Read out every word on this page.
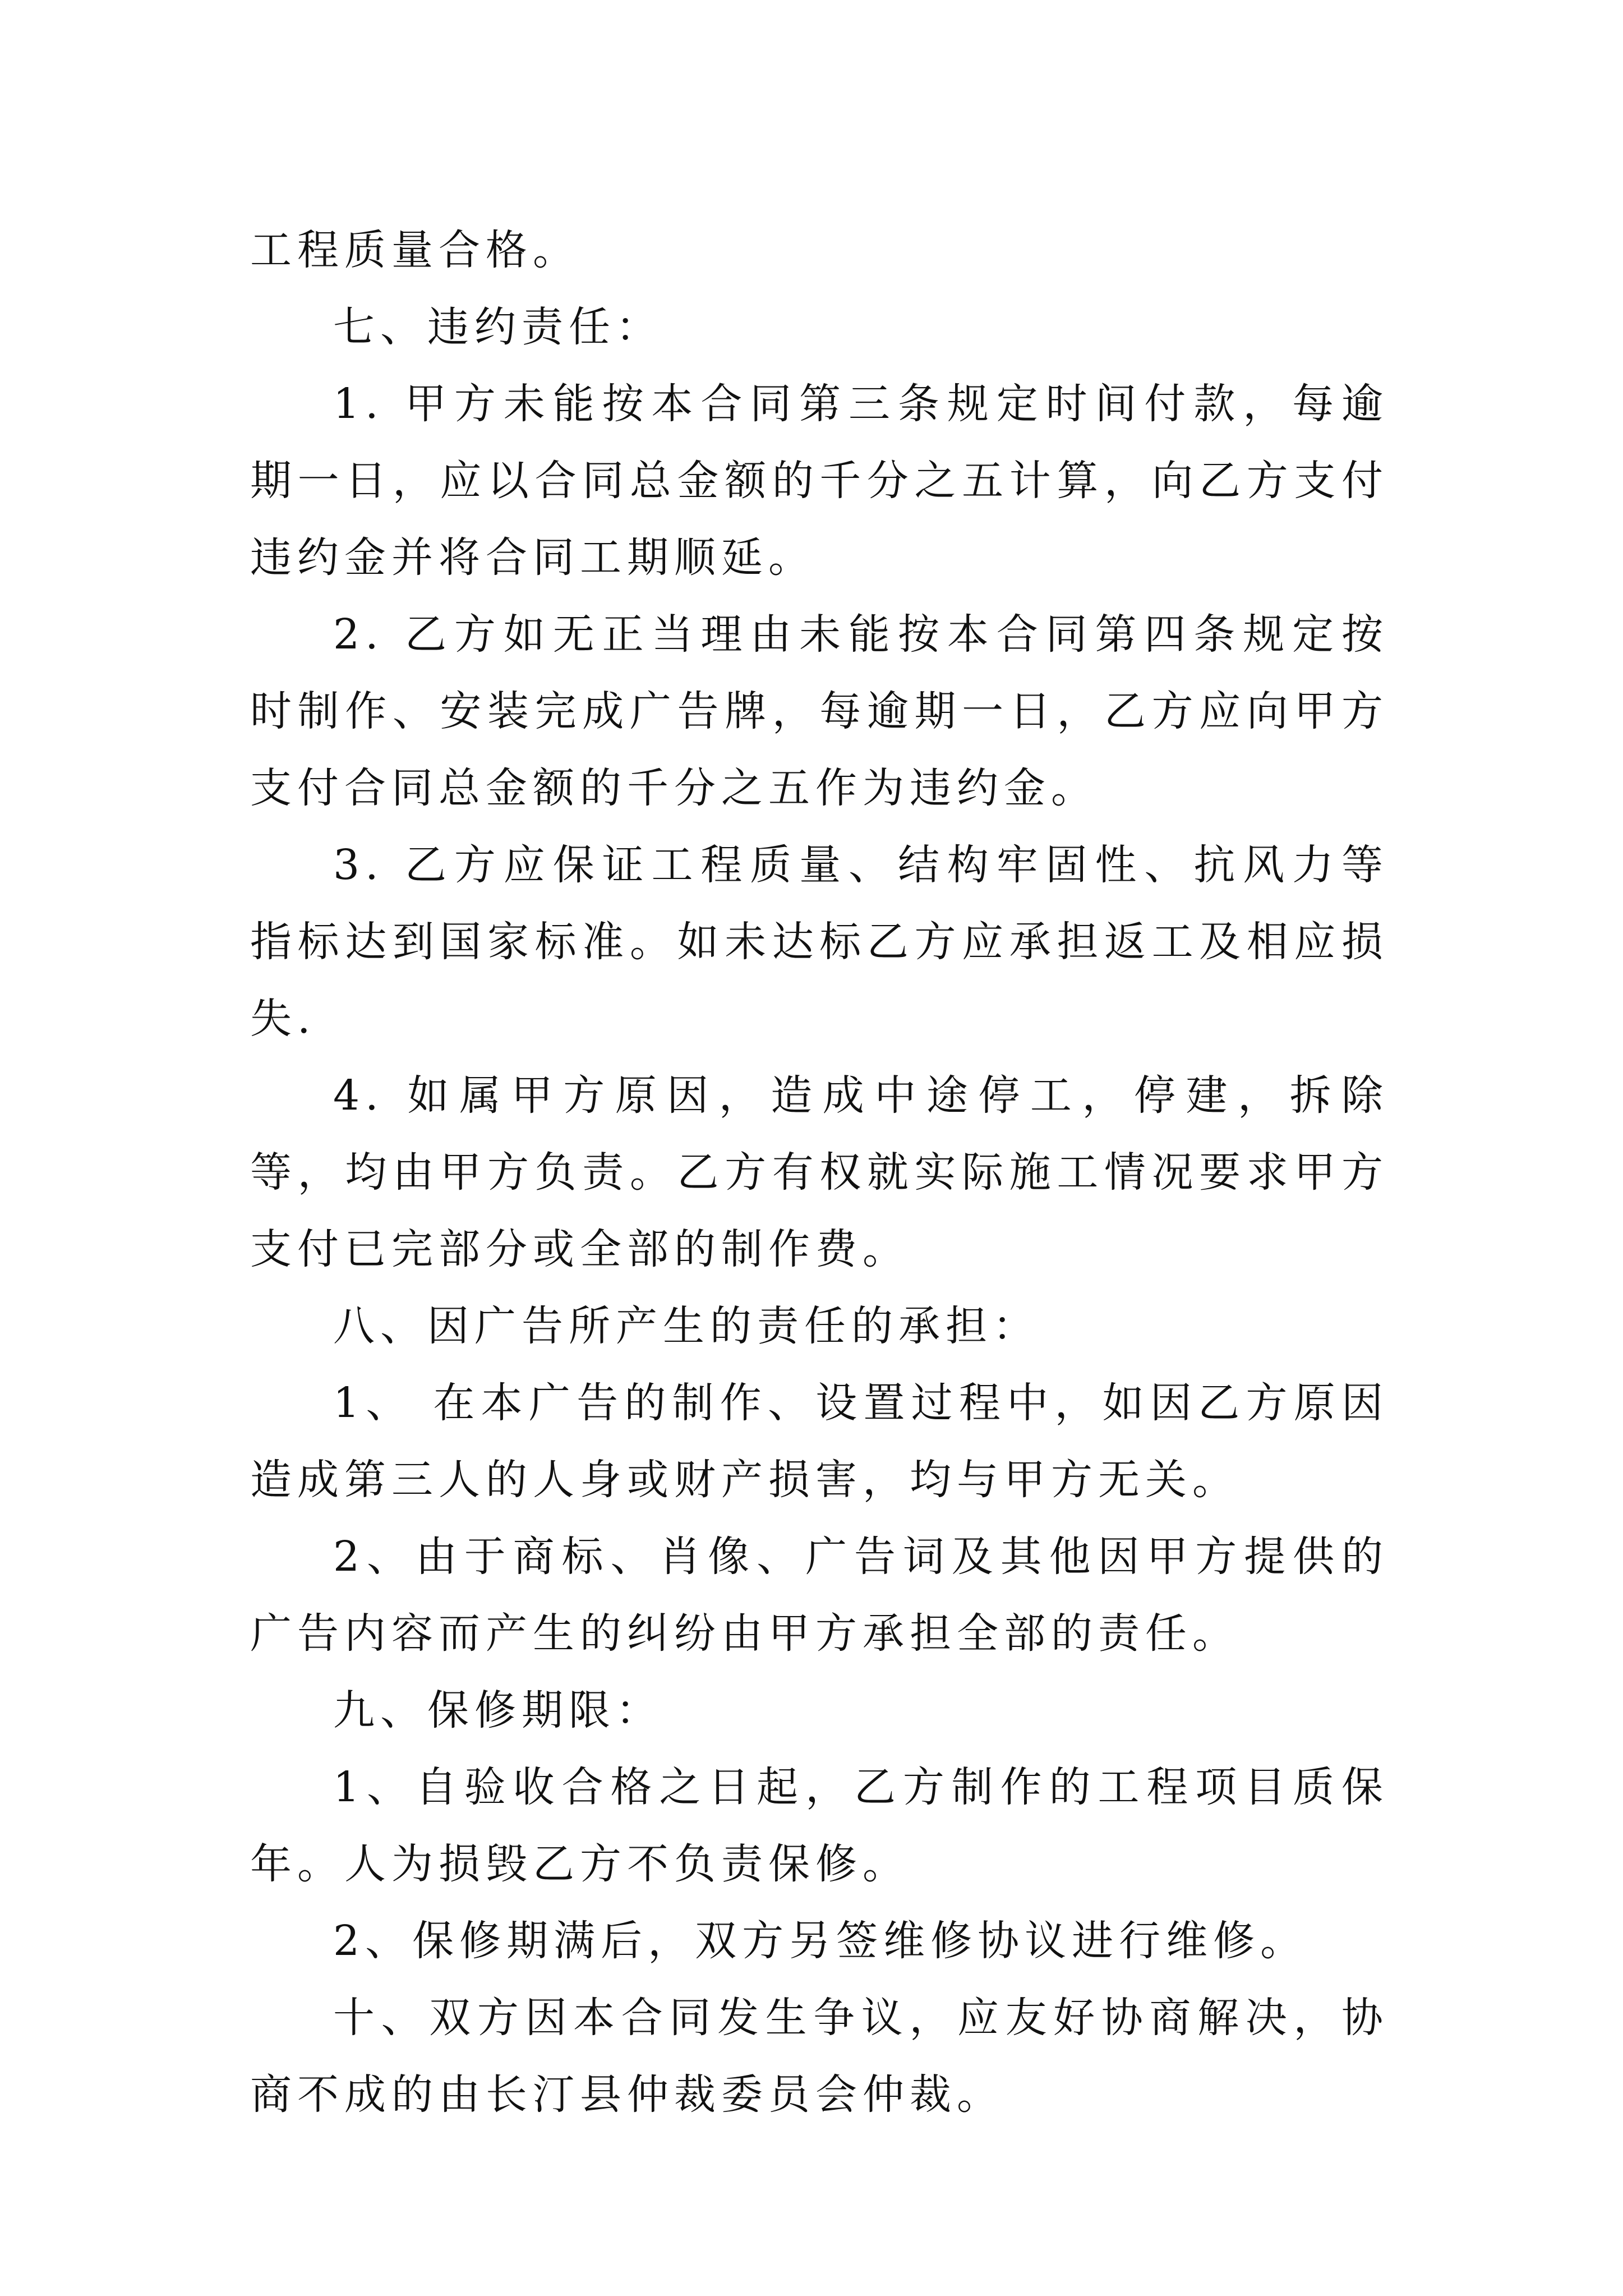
工程质量合格。

七、违约责任：

1. 甲方未能按本合同第三条规定时间付款，每逾期一日，应以合同总金额的千分之五计算，向乙方支付违约金并将合同工期顺延。

2. 乙方如无正当理由未能按本合同第四条规定按时制作、安装完成广告牌，每逾期一日，乙方应向甲方支付合同总金额的千分之五作为违约金。

3. 乙方应保证工程质量、结构牢固性、抗风力等指标达到国家标准。如未达标乙方应承担返工及相应损失.

4. 如属甲方原因，造成中途停工，停建，拆除等，均由甲方负责。乙方有权就实际施工情况要求甲方支付已完部分或全部的制作费。

八、因广告所产生的责任的承担：

1、 在本广告的制作、设置过程中，如因乙方原因造成第三人的人身或财产损害，均与甲方无关。

2、由于商标、肖像、广告词及其他因甲方提供的广告内容而产生的纠纷由甲方承担全部的责任。

九、保修期限：

1、自验收合格之日起，乙方制作的工程项目质保年。人为损毁乙方不负责保修。

2、保修期满后，双方另签维修协议进行维修。

十、双方因本合同发生争议，应友好协商解决，协商不成的由长汀县仲裁委员会仲裁。
